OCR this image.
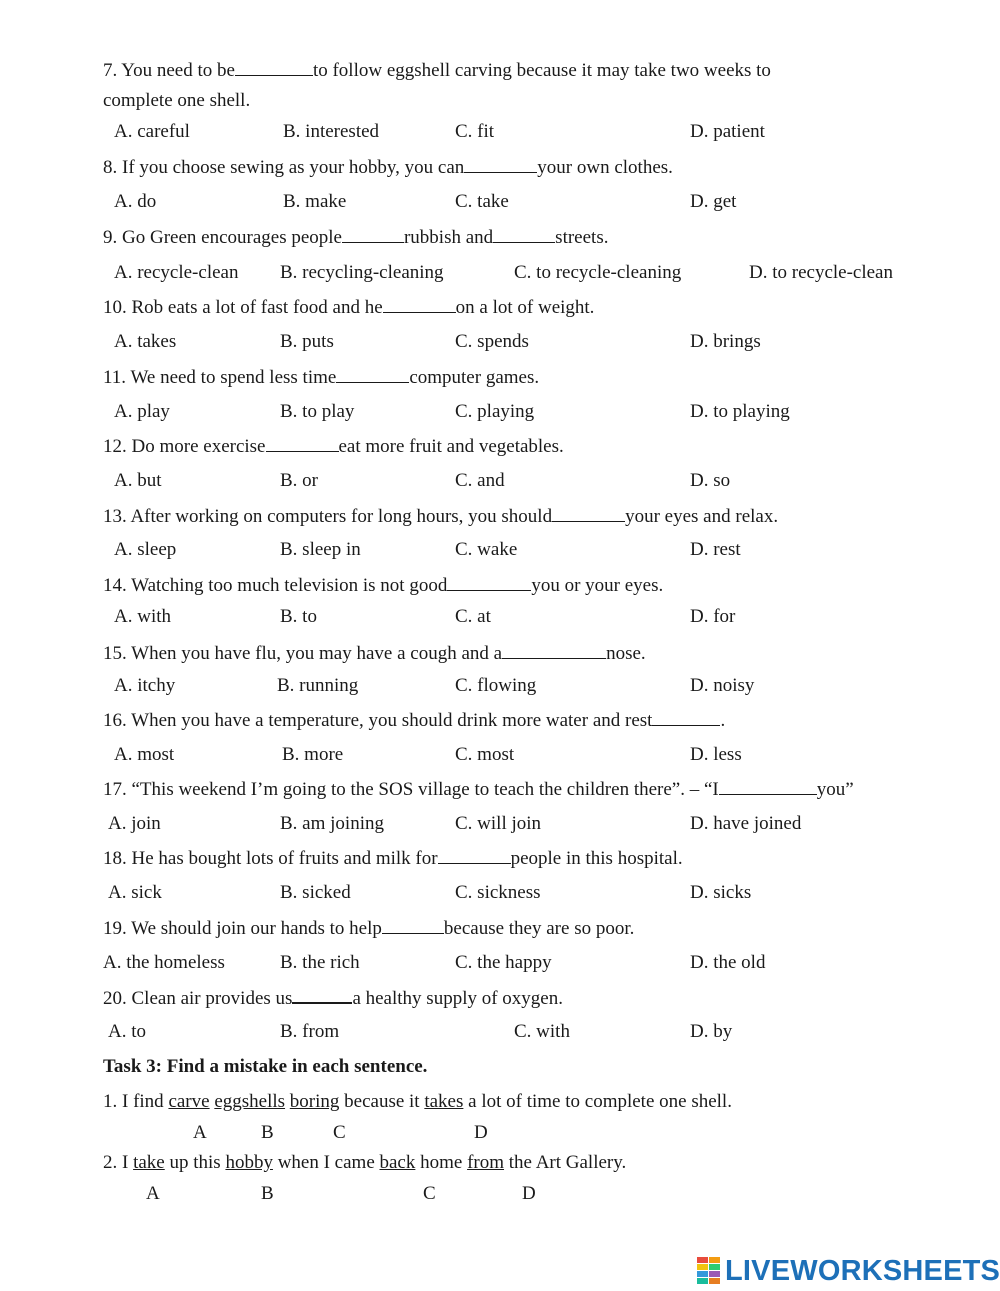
7. You need to be	to follow eggshell carving because it may take two weeks to
complete one shell.
A. careful	B. interested	C. fit	D. patient
8. If you choose sewing as your hobby, you can	your own clothes.
A. do	B. make	C. take	D. get
9. Go Green encourages people	rubbish and	streets.
A. recycle-clean B. recycling-cleaning	C. to recycle-cleaning	D. to recycle-clean
10. Rob eats a lot of fast food and he	on a lot of weight.
A. takes	B. puts	C. spends	D. brings
11. We need to spend less time	computer games.
A. play	B. to play	C. playing	D. to playing
12. Do more exercise	eat more fruit and vegetables.
A. but	B. or	C. and	D. so
13. After working on computers for long hours, you should	your eyes and relax.
A. sleep	B. sleep in	C. wake	D. rest
14. Watching too much television is not good	you or your eyes.
A. with	B. to	C. at	D. for
15. When you have flu, you may have a cough and a	nose.
A. itchy	B. running	C. flowing	D. noisy
16. When you have a temperature, you should drink more water and rest	.
A. most	B. more	C. most	D. less
17. “This weekend I’m going to the SOS village to teach the children there”. – “I	you”
A. join	B. am joining	C. will join	D. have joined
18. He has bought lots of fruits and milk for	people in this hospital.
A. sick	B. sicked	C. sickness	D. sicks
19. We should join our hands to help	because they are so poor.
A. the homeless	B. the rich	C. the happy	D. the old
20. Clean air provides us	a healthy supply of oxygen.
A. to	B. from	C. with	D. by
Task 3: Find a mistake in each sentence.
1. I find carve eggshells boring because it takes a lot of time to complete one shell.
A	B	C	D
2. I take up this hobby when I came back home from the Art Gallery.
A	B	C	D
LIVEWORKSHEETS
